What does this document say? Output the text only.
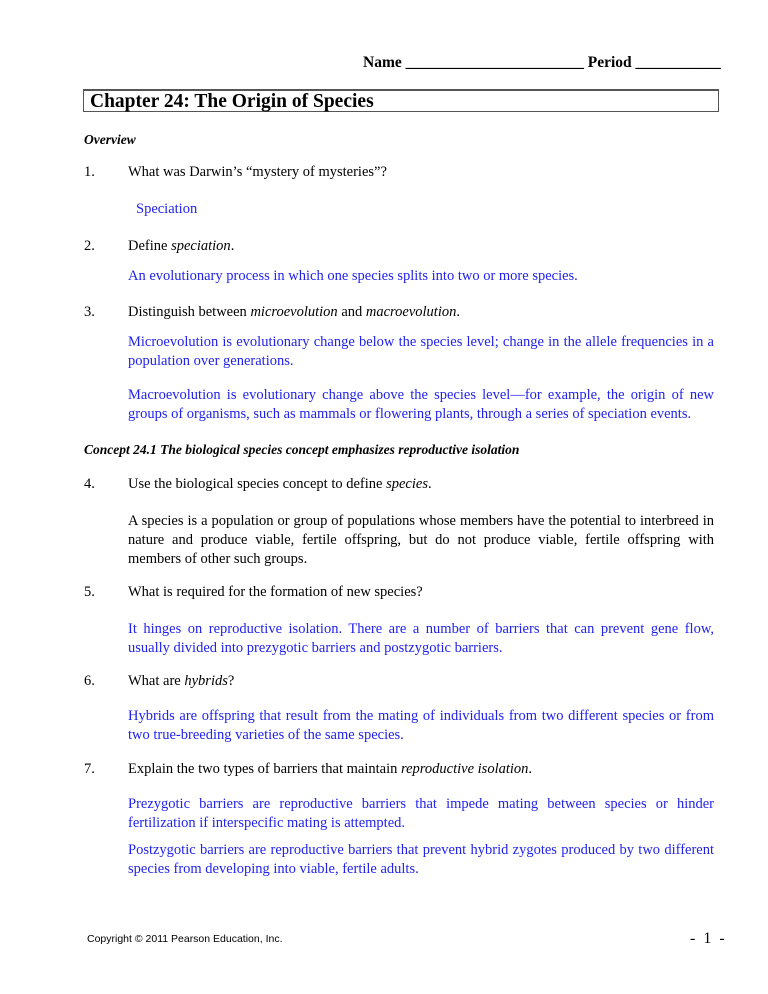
Name _______________________ Period ___________
Chapter 24: The Origin of Species
Overview
1. What was Darwin’s “mystery of mysteries”?
Speciation
2. Define speciation.
An evolutionary process in which one species splits into two or more species.
3. Distinguish between microevolution and macroevolution.
Microevolution is evolutionary change below the species level; change in the allele frequencies in a population over generations.
Macroevolution is evolutionary change above the species level—for example, the origin of new groups of organisms, such as mammals or flowering plants, through a series of speciation events.
Concept 24.1 The biological species concept emphasizes reproductive isolation
4. Use the biological species concept to define species.
A species is a population or group of populations whose members have the potential to interbreed in nature and produce viable, fertile offspring, but do not produce viable, fertile offspring with members of other such groups.
5. What is required for the formation of new species?
It hinges on reproductive isolation. There are a number of barriers that can prevent gene flow, usually divided into prezygotic barriers and postzygotic barriers.
6. What are hybrids?
Hybrids are offspring that result from the mating of individuals from two different species or from two true-breeding varieties of the same species.
7. Explain the two types of barriers that maintain reproductive isolation.
Prezygotic barriers are reproductive barriers that impede mating between species or hinder fertilization if interspecific mating is attempted.
Postzygotic barriers are reproductive barriers that prevent hybrid zygotes produced by two different species from developing into viable, fertile adults.
Copyright © 2011 Pearson Education, Inc.	- 1 -
